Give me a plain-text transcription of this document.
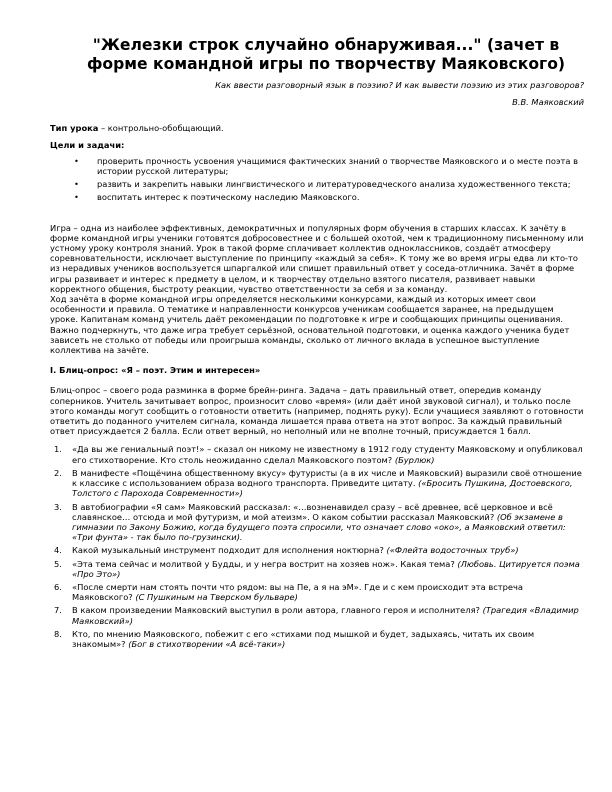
"Железки строк случайно обнаруживая..." (зачет в форме командной игры по творчеству Маяковского)
Как ввести разговорный язык в поэзию? И как вывести поэзию из этих разговоров?
В.В. Маяковский

Тип урока – контрольно-обобщающий.

Цели и задачи:
• проверить прочность усвоения учащимися фактических знаний о творчестве Маяковского и о месте поэта в истории русской литературы;
• развить и закрепить навыки лингвистического и литературоведческого анализа художественного текста;
• воспитать интерес к поэтическому наследию Маяковского.

Игра – одна из наиболее эффективных, демократичных и популярных форм обучения в старших классах. К зачёту в форме командной игры ученики готовятся добросовестнее и с большей охотой, чем к традиционному письменному или устному уроку контроля знаний. Урок в такой форме сплачивает коллектив одноклассников, создаёт атмосферу соревновательности, исключает выступление по принципу «каждый за себя». К тому же во время игры едва ли кто-то из нерадивых учеников воспользуется шпаргалкой или спишет правильный ответ у соседа-отличника. Зачёт в форме игры развивает и интерес к предмету в целом, и к творчеству отдельно взятого писателя, развивает навыки корректного общения, быстроту реакции, чувство ответственности за себя и за команду.

Ход зачёта в форме командной игры определяется несколькими конкурсами, каждый из которых имеет свои особенности и правила. О тематике и направленности конкурсов ученикам сообщается заранее, на предыдущем уроке. Капитанам команд учитель даёт рекомендации по подготовке к игре и сообщающих принципы оценивания. Важно подчеркнуть, что даже игра требует серьёзной, основательной подготовки, и оценка каждого ученика будет зависеть не столько от победы или проигрыша команды, сколько от личного вклада в успешное выступление коллектива на зачёте.

I. Блиц-опрос: «Я – поэт. Этим и интересен»

Блиц-опрос – своего рода разминка в форме брейн-ринга. Задача – дать правильный ответ, опередив команду соперников. Учитель зачитывает вопрос, произносит слово «время» (или даёт иной звуковой сигнал), и только после этого команды могут сообщить о готовности ответить (например, поднять руку). Если учащиеся заявляют о готовности ответить до поданного учителем сигнала, команда лишается права ответа на этот вопрос. За каждый правильный ответ присуждается 2 балла. Если ответ верный, но неполный или не вполне точный, присуждается 1 балл.

1. «Да вы же гениальный поэт!» – сказал он никому не известному в 1912 году студенту Маяковскому и опубликовал его стихотворение. Кто столь неожиданно сделал Маяковского поэтом? (Бурлюк)
2. В манифесте «Пощёчина общественному вкусу» футуристы (а в их числе и Маяковский) выразили своё отношение к классике с использованием образа водного транспорта. Приведите цитату. («Бросить Пушкина, Достоевского, Толстого с Парохода Современности»)
3. В автобиографии «Я сам» Маяковский рассказал: «…возненавидел сразу – всё древнее, всё церковное и всё славянское… отсюда и мой футуризм, и мой атеизм». О каком событии рассказал Маяковский? (Об экзамене в гимназии по Закону Божию, когда будущего поэта спросили, что означает слово «око», а Маяковский ответил: «Три фунта» - так было по-грузински).
4. Какой музыкальный инструмент подходит для исполнения ноктюрна? («Флейта водосточных труб»)
5. «Эта тема сейчас и молитвой у Будды, и у негра вострит на хозяев нож». Какая тема? (Любовь. Цитируется поэма «Про Это»)
6. «После смерти нам стоять почти что рядом: вы на Пе, а я на эМ». Где и с кем происходит эта встреча Маяковского? (С Пушкиным на Тверском бульваре)
7. В каком произведении Маяковский выступил в роли автора, главного героя и исполнителя? (Трагедия «Владимир Маяковский»)
8. Кто, по мнению Маяковского, побежит с его «стихами под мышкой и будет, задыхаясь, читать их своим знакомым»? (Бог в стихотворении «А всё-таки»)
